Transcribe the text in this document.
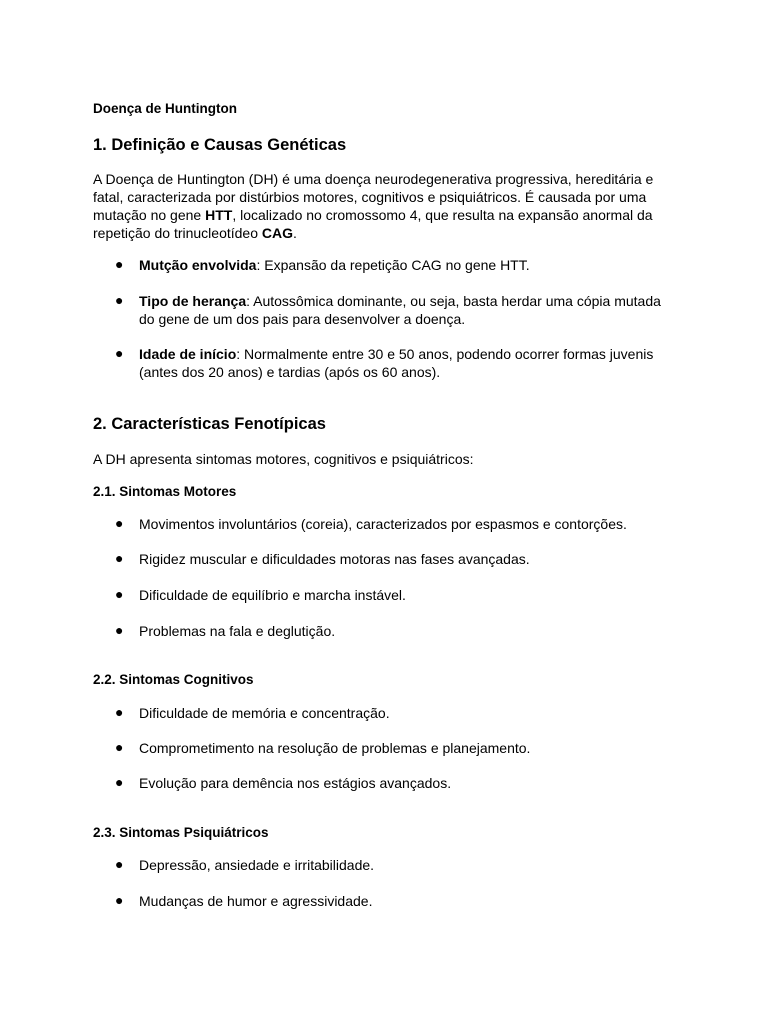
Doença de Huntington

1. Definição e Causas Genéticas

A Doença de Huntington (DH) é uma doença neurodegenerativa progressiva, hereditária e fatal, caracterizada por distúrbios motores, cognitivos e psiquiátricos. É causada por uma mutação no gene HTT, localizado no cromossomo 4, que resulta na expansão anormal da repetição do trinucleotídeo CAG.

● Mutção envolvida: Expansão da repetição CAG no gene HTT.

● Tipo de herança: Autossômica dominante, ou seja, basta herdar uma cópia mutada do gene de um dos pais para desenvolver a doença.

● Idade de início: Normalmente entre 30 e 50 anos, podendo ocorrer formas juvenis (antes dos 20 anos) e tardias (após os 60 anos).

2. Características Fenotípicas

A DH apresenta sintomas motores, cognitivos e psiquiátricos:

2.1. Sintomas Motores
● Movimentos involuntários (coreia), caracterizados por espasmos e contorções.

● Rigidez muscular e dificuldades motoras nas fases avançadas.

● Dificuldade de equilíbrio e marcha instável.

● Problemas na fala e deglutição.

2.2. Sintomas Cognitivos
● Dificuldade de memória e concentração.

● Comprometimento na resolução de problemas e planejamento.

● Evolução para demência nos estágios avançados.

2.3. Sintomas Psiquiátricos
● Depressão, ansiedade e irritabilidade.

● Mudanças de humor e agressividade.
